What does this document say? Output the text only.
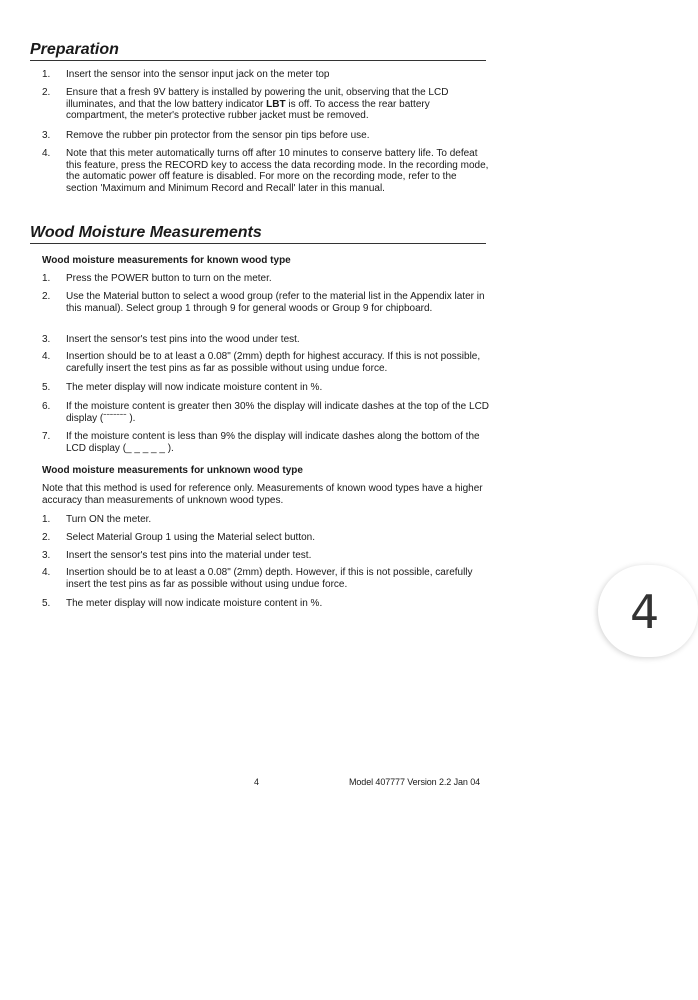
Preparation
1. Insert the sensor into the sensor input jack on the meter top
2. Ensure that a fresh 9V battery is installed by powering the unit, observing that the LCD illuminates, and that the low battery indicator LBT is off. To access the rear battery compartment, the meter's protective rubber jacket must be removed.
3. Remove the rubber pin protector from the sensor pin tips before use.
4. Note that this meter automatically turns off after 10 minutes to conserve battery life. To defeat this feature, press the RECORD key to access the data recording mode. In the recording mode, the automatic power off feature is disabled. For more on the recording mode, refer to the section 'Maximum and Minimum Record and Recall' later in this manual.
Wood Moisture Measurements
Wood moisture measurements for known wood type
1. Press the POWER button to turn on the meter.
2. Use the Material button to select a wood group (refer to the material list in the Appendix later in this manual). Select group 1 through 9 for general woods or Group 9 for chipboard.
3. Insert the sensor's test pins into the wood under test.
4. Insertion should be to at least a 0.08" (2mm) depth for highest accuracy. If this is not possible, carefully insert the test pins as far as possible without using undue force.
5. The meter display will now indicate moisture content in %.
6. If the moisture content is greater then 30% the display will indicate dashes at the top of the LCD display (ˉˉˉˉˉˉˉ ).
7. If the moisture content is less than 9% the display will indicate dashes along the bottom of the LCD display (_ _ _ _ _ ).
Wood moisture measurements for unknown wood type
Note that this method is used for reference only. Measurements of known wood types have a higher accuracy than measurements of unknown wood types.
1. Turn ON the meter.
2. Select Material Group 1 using the Material select button.
3. Insert the sensor's test pins into the material under test.
4. Insertion should be to at least a 0.08" (2mm) depth. However, if this is not possible, carefully insert the test pins as far as possible without using undue force.
5. The meter display will now indicate moisture content in %.
4	Model 407777 Version 2.2 Jan 04
4
